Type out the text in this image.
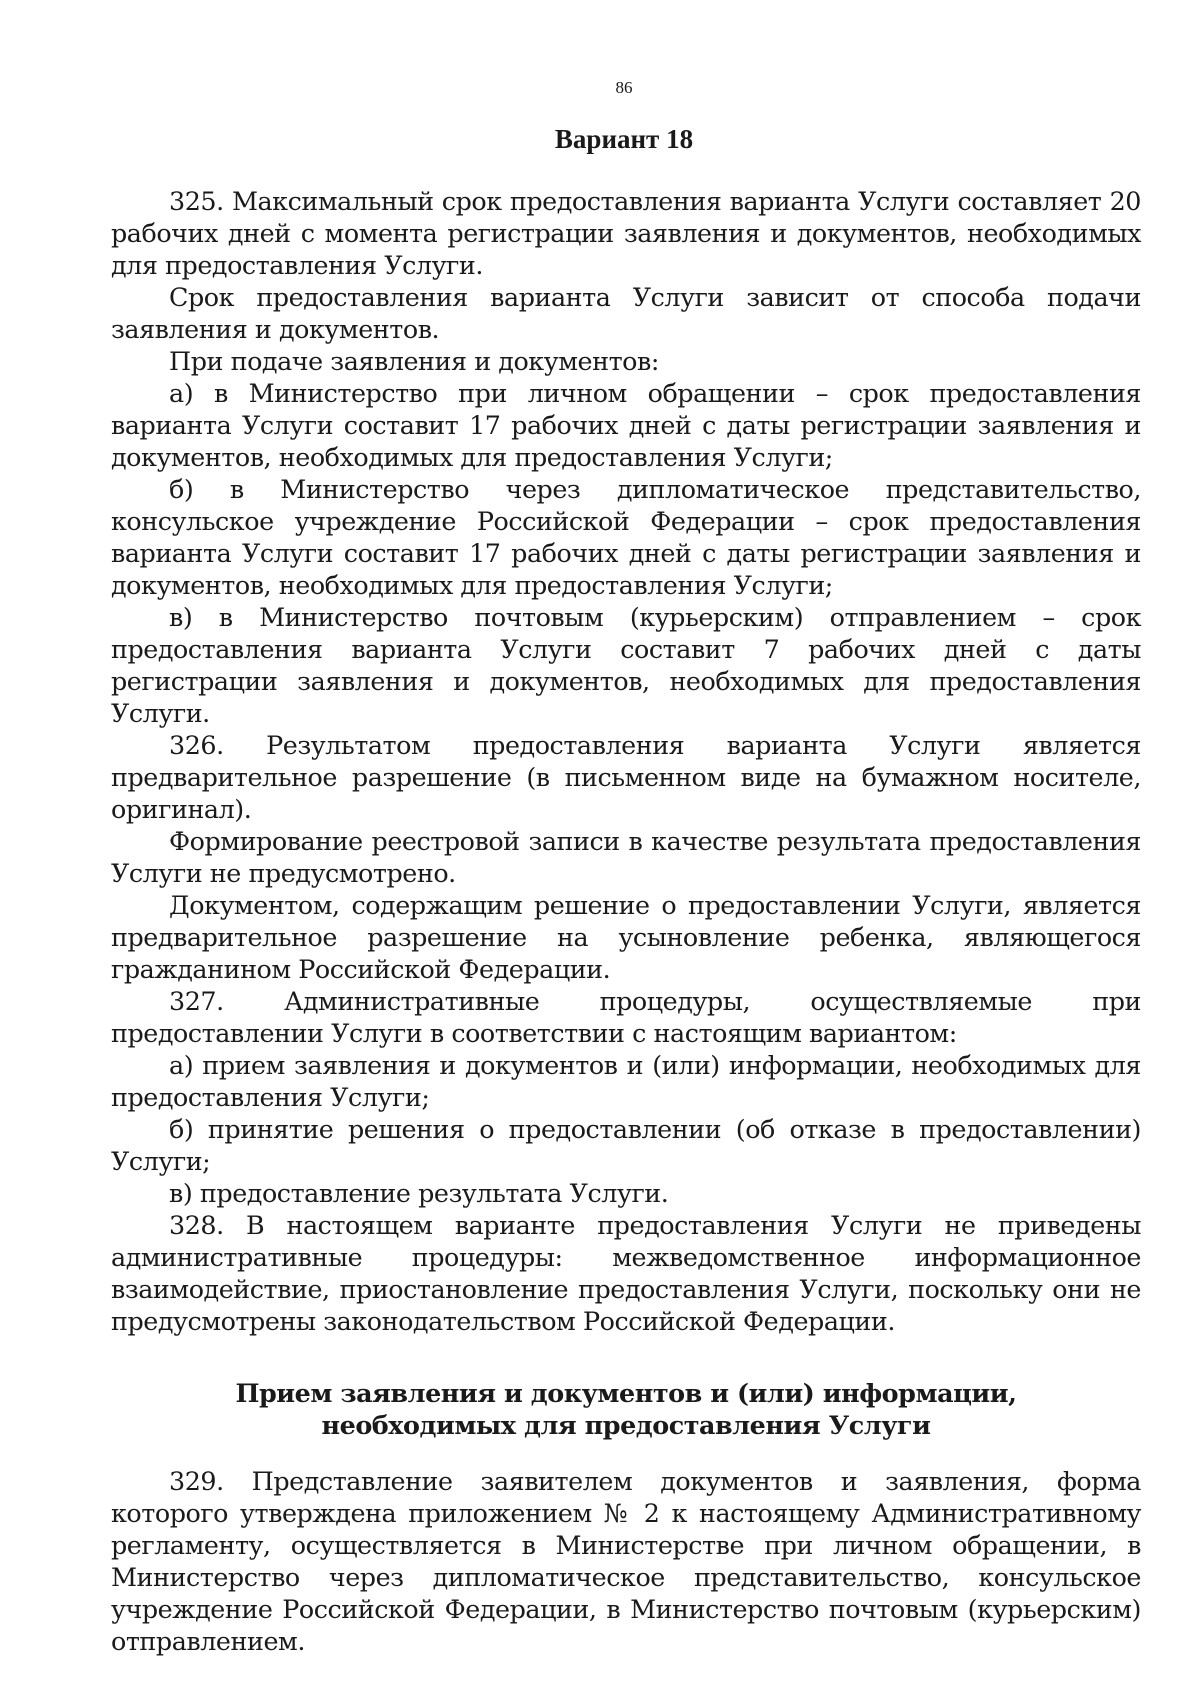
86
Вариант 18

325. Максимальный срок предоставления варианта Услуги составляет 20 рабочих дней с момента регистрации заявления и документов, необходимых для предоставления Услуги.

Срок предоставления варианта Услуги зависит от способа подачи заявления и документов.

При подаче заявления и документов:

а) в Министерство при личном обращении – срок предоставления варианта Услуги составит 17 рабочих дней с даты регистрации заявления и документов, необходимых для предоставления Услуги;

б) в Министерство через дипломатическое представительство, консульское учреждение Российской Федерации – срок предоставления варианта Услуги составит 17 рабочих дней с даты регистрации заявления и документов, необходимых для предоставления Услуги;

в) в Министерство почтовым (курьерским) отправлением – срок предоставления варианта Услуги составит 7 рабочих дней с даты регистрации заявления и документов, необходимых для предоставления Услуги.

326. Результатом предоставления варианта Услуги является предварительное разрешение (в письменном виде на бумажном носителе, оригинал).

Формирование реестровой записи в качестве результата предоставления Услуги не предусмотрено.

Документом, содержащим решение о предоставлении Услуги, является предварительное разрешение на усыновление ребенка, являющегося гражданином Российской Федерации.

327. Административные процедуры, осуществляемые при предоставлении Услуги в соответствии с настоящим вариантом:

а) прием заявления и документов и (или) информации, необходимых для предоставления Услуги;

б) принятие решения о предоставлении (об отказе в предоставлении) Услуги;

в) предоставление результата Услуги.

328. В настоящем варианте предоставления Услуги не приведены административные процедуры: межведомственное информационное взаимодействие, приостановление предоставления Услуги, поскольку они не предусмотрены законодательством Российской Федерации.

Прием заявления и документов и (или) информации, необходимых для предоставления Услуги

329. Представление заявителем документов и заявления, форма которого утверждена приложением № 2 к настоящему Административному регламенту, осуществляется в Министерстве при личном обращении, в Министерство через дипломатическое представительство, консульское учреждение Российской Федерации, в Министерство почтовым (курьерским) отправлением.
